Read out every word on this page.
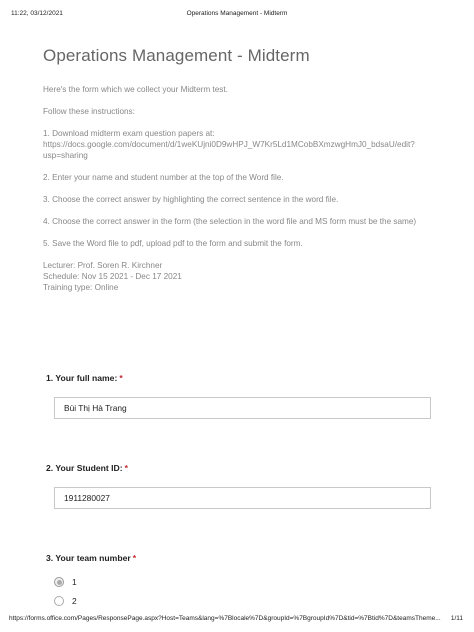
11:22, 03/12/2021	Operations Management - Midterm
Operations Management - Midterm

Here's the form which we collect your Midterm test.

Follow these instructions:

1. Download midterm exam question papers at:

https://docs.google.com/document/d/1weKUjni0D9wHPJ_W7Kr5Ld1MCobBXmzwgHmJ0_bdsaU/edit?

usp=sharing

2. Enter your name and student number at the top of the Word file.

3. Choose the correct answer by highlighting the correct sentence in the word file.

4. Choose the correct answer in the form (the selection in the word file and MS form must be the same)

5. Save the Word file to pdf, upload pdf to the form and submit the form.

Lecturer: Prof. Soren R. Kirchner

Schedule: Nov 15 2021 - Dec 17 2021

Training type: Online

1. Your full name: *
Bùi Thị Hà Trang
2. Your Student ID: *
1911280027
3. Your team number *
1
2
https://forms.office.com/Pages/ResponsePage.aspx?Host=Teams&lang=%7Blocale%7D&groupId=%7BgroupId%7D&tid=%7Btid%7D&teamsTheme... 1/11
